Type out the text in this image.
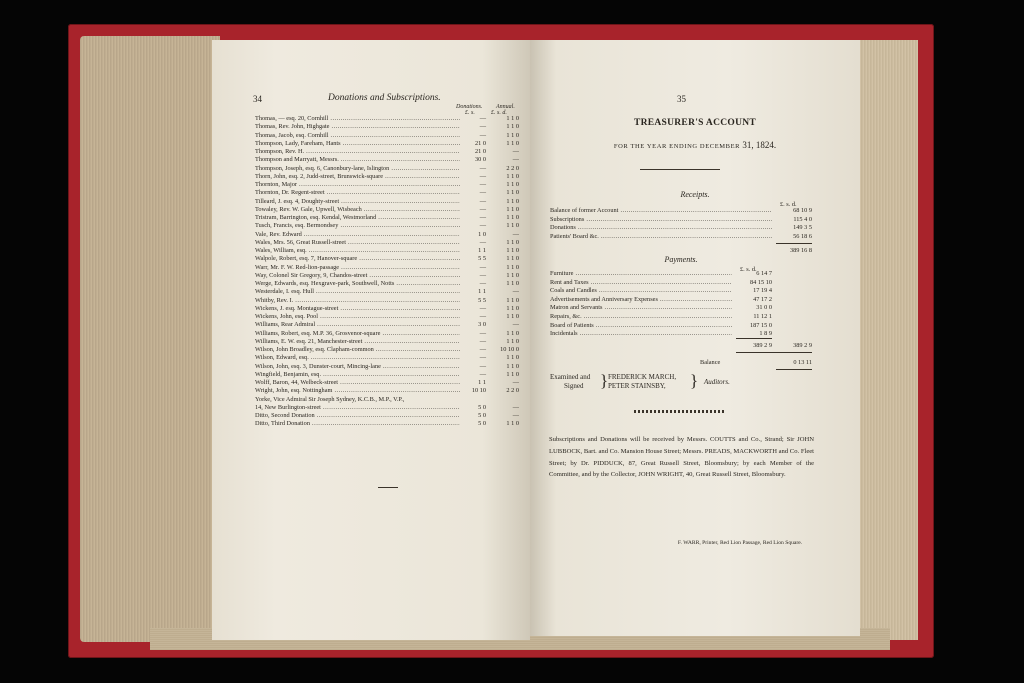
34	Donations and Subscriptions.
Donations. Annual.
£. s.	£. s. d.
Thomas, — esq. 20, Cornhill .....	—	1 1 0
Thomas, Rev. John, Highgate .....	—	1 1 0
Thomas, Jacob, esq. Cornhill .....	—	1 1 0
Thompson, Lady, Fareham, Hants .....	21 0	1 1 0
Thompson, Rev. H. .....	21 0	—
Thompson and Marryatt, Messrs. .....	30 0	—
Thompson, Joseph, esq. 6, Canonbury-lane, Islington .....	—	2 2 0
Thorn, John, esq. 2, Judd-street, Brunswick-square .....	—	1 1 0
Thornton, Major .....	—	1 1 0
Thornton, Dr. Regent-street .....	—	1 1 0
Tilleard, J. esq. 4, Doughty-street .....	—	1 1 0
Towaley, Rev. W. Gale, Upwell, Wisbeach .....	—	1 1 0
Tristram, Barrington, esq. Kendal, Westmorland .....	—	1 1 0
Tusch, Francis, esq. Bermondsey .....	—	1 1 0
Vale, Rev. Edward .....	1 0	—
Wales, Mrs. 56, Great Russell-street .....	—	1 1 0
Wales, William, esq. .....	1 1	1 1 0
Walpole, Robert, esq. 7, Hanover-square .....	5 5	1 1 0
Warr, Mr. F. W. Red-lion-passage .....	—	1 1 0
Way, Colonel Sir Gregory, 9, Chandos-street .....	—	1 1 0
Werge, Edwards, esq. Hexgrave-park, Southwell, Notts .....	—	1 1 0
Westerdale, I. esq. Hull .....	1 1	—
Whitby, Rev. I. .....	5 5	1 1 0
Wickens, J. esq. Montague-street .....	—	1 1 0
Wickens, John, esq. Pool .....	—	1 1 0
Williams, Rear Admiral .....	3 0	—
Williams, Robert, esq. M.P. 36, Grosvenor-square .....	—	1 1 0
Williams, E. W. esq. 21, Manchester-street .....	—	1 1 0
Wilson, John Broadley, esq. Clapham-common .....	—	10 10 0
Wilson, Edward, esq. .....	—	1 1 0
Wilson, John, esq. 3, Dunster-court, Mincing-lane .....	—	1 1 0
Wingfield, Benjamin, esq. .....	—	1 1 0
Wolff, Baron, 44, Welbeck-street .....	1 1	—
Wright, John, esq. Nottingham .....	10 10	2 2 0
Yorke, Vice Admiral Sir Joseph Sydney, K.C.B., M.P., V.P.,
14, New Burlington-street .....	5 0	—
Ditto, Second Donation .....	5 0	—
Ditto, Third Donation .....	5 0	1 1 0
35
TREASURER'S ACCOUNT
FOR THE YEAR ENDING DECEMBER 31, 1824.
Receipts.
£. s. d.
Balance of former Account .....	68 10 9
Subscriptions .....	115 4 0
Donations .....	149 3 5
Patients' Board &c. .....	56 18 6
389 16 8
Payments.
£. s. d.
Furniture .....	6 14 7
Rent and Taxes .....	84 15 10
Coals and Candles .....	17 19 4
Advertisements and Anniversary Expenses .....	47 17 2
Matron and Servants .....	31 0 0
Repairs, &c. .....	11 12 1
Board of Patients .....	187 15 0
Incidentals .....	1 8 9
389 2 9	389 2 9
Balance	0 13 11
Examined and
Signed } FREDERICK MARCH,
PETER STAINSBY,	} Auditors.
Subscriptions and Donations will be received by Messrs. COUTTS and Co., Strand; Sir JOHN LUBBOCK, Bart. and Co. Mansion House Street; Messrs. PREADS, MACKWORTH and Co. Fleet Street; by Dr. PIDDUCK, 87, Great Russell Street, Bloomsbury; by each Member of the Committee, and by the Collector, JOHN WRIGHT, 40, Great Russell Street, Bloomsbury.
F. WARR, Printer, Red Lion Passage, Red Lion Square.
